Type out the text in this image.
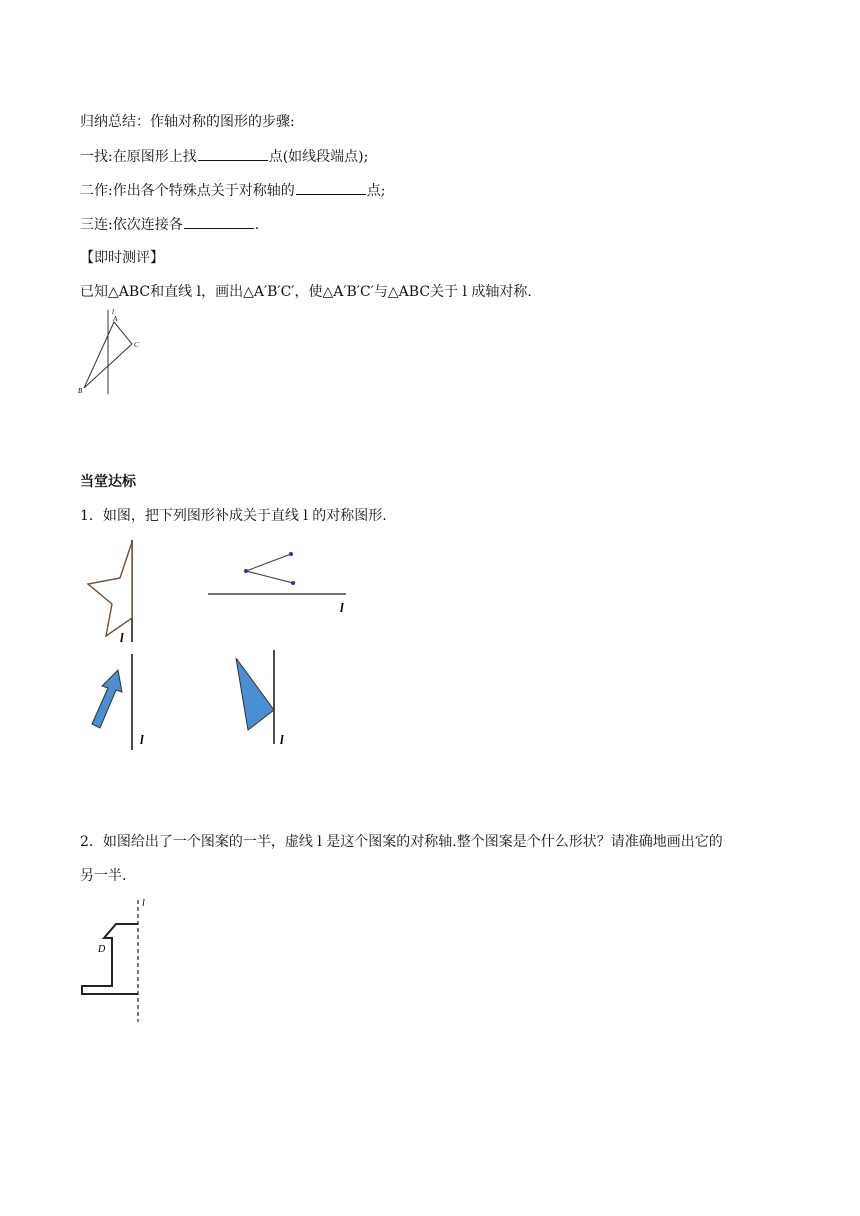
归纳总结：作轴对称的图形的步骤:
一找:在原图形上找	点(如线段端点);
二作:作出各个特殊点关于对称轴的	点;
三连:依次连接各	.
【即时测评】
已知△ABC和直线 l，画出△A′B′C′，使△A′B′C′与△ABC关于 l 成轴对称.
l
A
B
C
当堂达标
1．如图，把下列图形补成关于直线 l 的对称图形.
l
l
l	l
2．如图给出了一个图案的一半，虚线 l 是这个图案的对称轴.整个图案是个什么形状？请准确地画出它的
另一半.
l
D
